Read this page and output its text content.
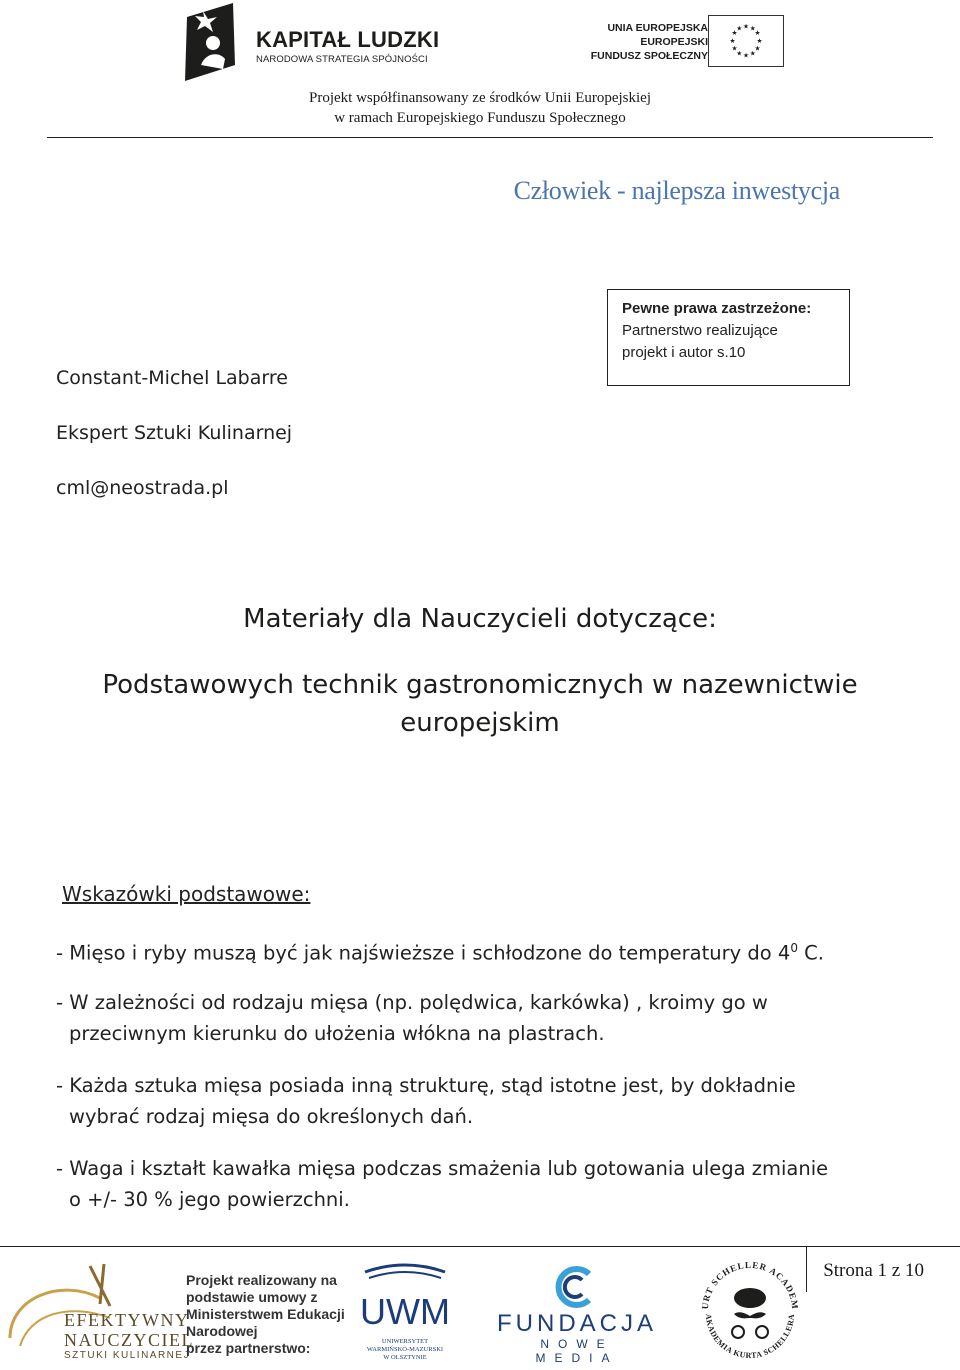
KAPITAŁ LUDZKI
NARODOWA STRATEGIA SPÓJNOŚCI
UNIA EUROPEJSKA
EUROPEJSKI
FUNDUSZ SPOŁECZNY
★ ★
★
★
★
★
★
★
★
★
★
★
Projekt współfinansowany ze środków Unii Europejskiej
w ramach Europejskiego Funduszu Społecznego
Człowiek - najlepsza inwestycja
Pewne prawa zastrzeżone:
Partnerstwo realizujące
projekt i autor s.10
Constant-Michel Labarre
Ekspert Sztuki Kulinarnej
cml@neostrada.pl
Materiały dla Nauczycieli dotyczące:
Podstawowych technik gastronomicznych w nazewnictwie europejskim
Wskazówki podstawowe:
- Mięso i ryby muszą być jak najświeższe i schłodzone do temperatury do $4^0$ C.
- W zależności od rodzaju mięsa (np. polędwica, karkówka) , kroimy go w
przeciwnym kierunku do ułożenia włókna na plastrach.
- Każda sztuka mięsa posiada inną strukturę, stąd istotne jest, by dokładnie
wybrać rodzaj mięsa do określonych dań.
- Waga i kształt kawałka mięsa podczas smażenia lub gotowania ulega zmianie
o +/- 30 % jego powierzchni.
Strona 1 z 10
EFEKTYWNY
NAUCZYCIEL
SZTUKI KULINARNEJ
Projekt realizowany na
podstawie umowy z
Ministerstwem Edukacji
Narodowej
przez partnerstwo:
UWM
UNIWERSYTET
WARMIŃSKO-MAZURSKI
W OLSZTYNIE
FUNDACJA
NOWE MEDIA
URT SCHELLER ACADEM
AKADEMIA KURTA SCHELLERA
